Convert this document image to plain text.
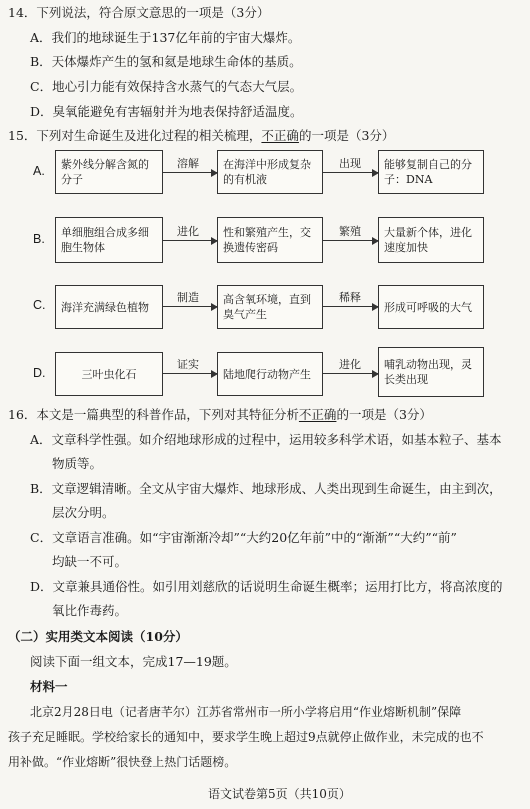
14．下列说法，符合原文意思的一项是（3分）
A．我们的地球诞生于137亿年前的宇宙大爆炸。
B．天体爆炸产生的氢和氦是地球生命体的基质。
C．地心引力能有效保持含水蒸气的气态大气层。
D．臭氧能避免有害辐射并为地表保持舒适温度。
15．下列对生命诞生及进化过程的相关梳理，不正确的一项是（3分）
A. 紫外线分解含氮的分子
溶解 在海洋中形成复杂的有机液
出现 能够复制自己的分子：DNA
B. 单细胞组合成多细胞生物体
进化 性和繁殖产生，交换遗传密码
繁殖 大量新个体，进化速度加快
C. 海洋充满绿色植物
制造 高含氧环境，直到臭气产生
稀释
形成可呼吸的大气
D.	三叶虫化石
证实
陆地爬行动物产生
进化 哺乳动物出现，灵长类出现
16．本文是一篇典型的科普作品，下列对其特征分析不正确的一项是（3分）
A．文章科学性强。如介绍地球形成的过程中，运用较多科学术语，如基本粒子、基本
物质等。
B．文章逻辑清晰。全文从宇宙大爆炸、地球形成、人类出现到生命诞生，由主到次，
层次分明。
C．文章语言准确。如“宇宙渐渐冷却”“大约20亿年前”中的“渐渐”“大约”“前”
均缺一不可。
D．文章兼具通俗性。如引用刘慈欣的话说明生命诞生概率；运用打比方，将高浓度的
氧比作毒药。
（二）实用类文本阅读（10分）
阅读下面一组文本，完成17—19题。
材料一
北京2月28日电（记者唐芊尔）江苏省常州市一所小学将启用“作业熔断机制”保障
孩子充足睡眠。学校给家长的通知中，要求学生晚上超过9点就停止做作业，未完成的也不
用补做。“作业熔断”很快登上热门话题榜。
语文试卷第5页（共10页）
